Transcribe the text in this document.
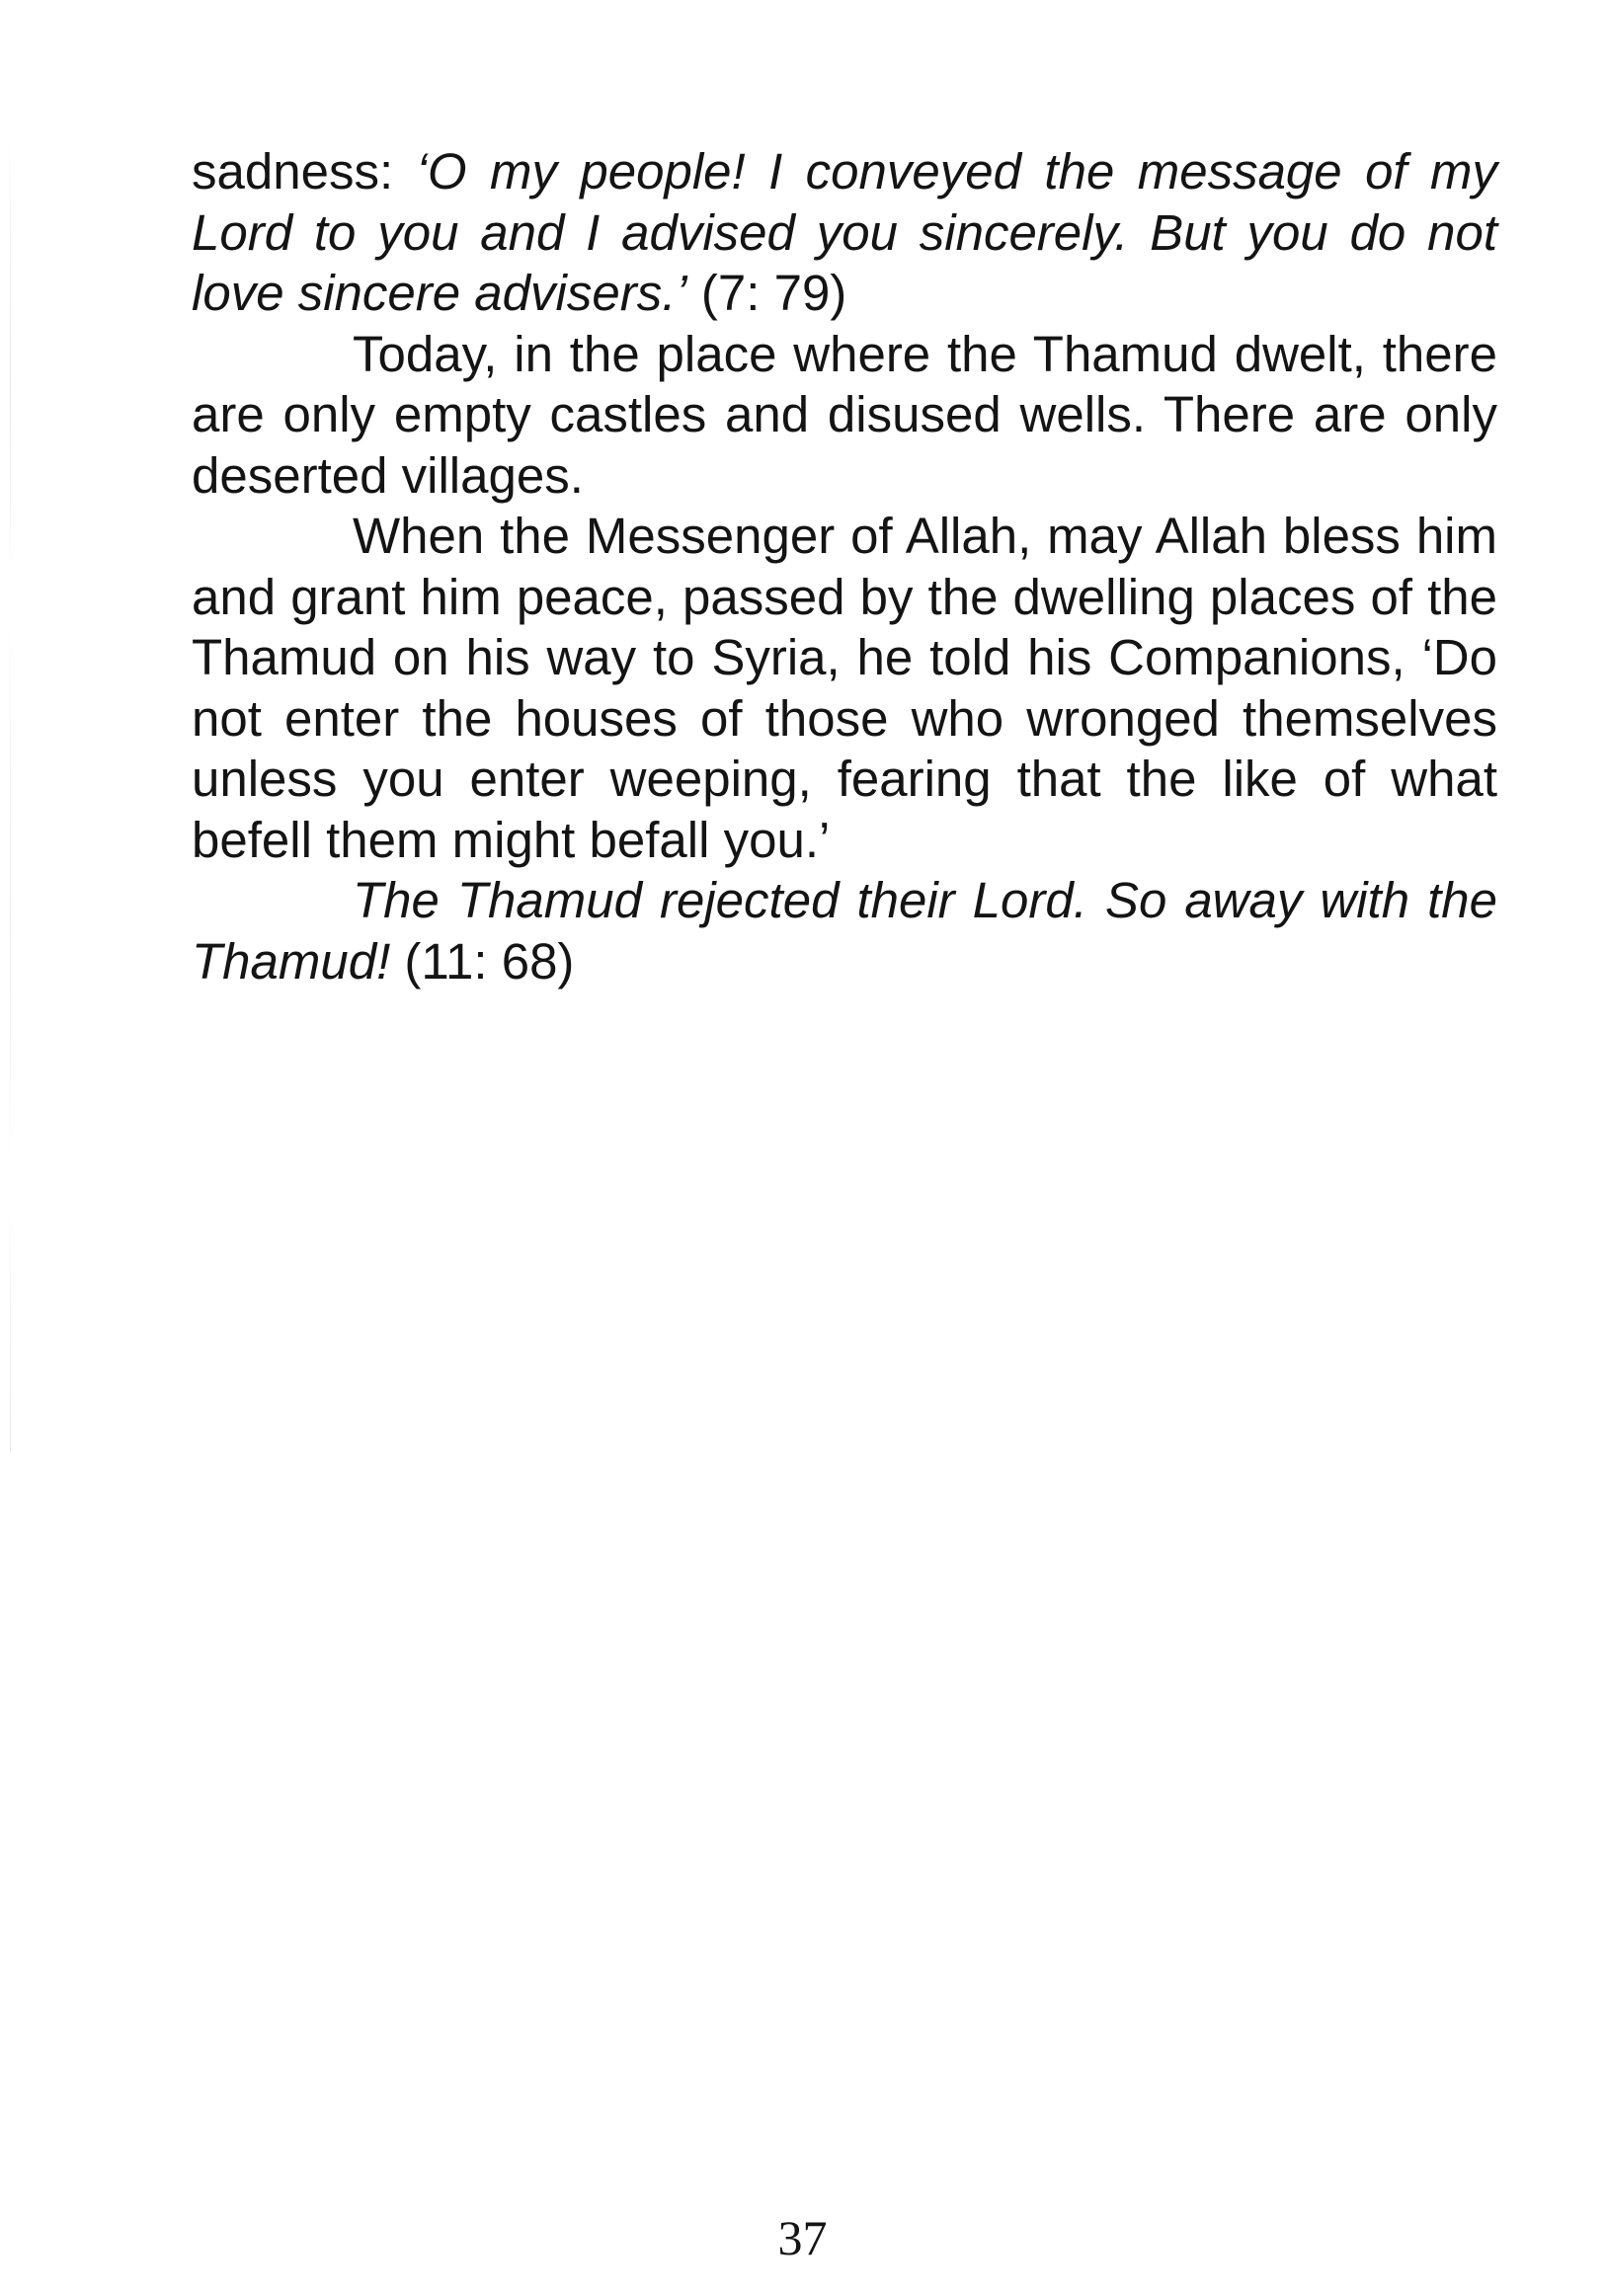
sadness: ‘O my people! I conveyed the message of my Lord to you and I advised you sincerely. But you do not love sincere advisers.’ (7: 79)

Today, in the place where the Thamud dwelt, there are only empty castles and disused wells. There are only deserted villages.

When the Messenger of Allah, may Allah bless him and grant him peace, passed by the dwelling places of the Thamud on his way to Syria, he told his Companions, ‘Do not enter the houses of those who wronged themselves unless you enter weeping, fearing that the like of what befell them might befall you.’

The Thamud rejected their Lord. So away with the Thamud! (11: 68)

37
